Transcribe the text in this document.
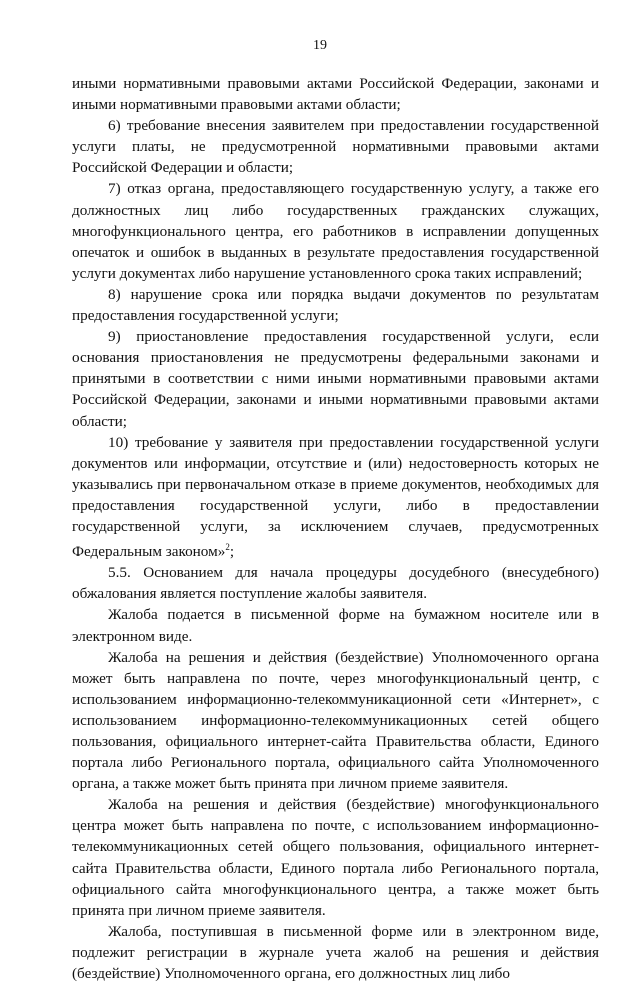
19

иными нормативными правовыми актами Российской Федерации, законами и иными нормативными правовыми актами области;

6) требование внесения заявителем при предоставлении государственной услуги платы, не предусмотренной нормативными правовыми актами Российской Федерации и области;

7) отказ органа, предоставляющего государственную услугу, а также его должностных лиц либо государственных гражданских служащих, многофункционального центра, его работников в исправлении допущенных опечаток и ошибок в выданных в результате предоставления государственной услуги документах либо нарушение установленного срока таких исправлений;

8) нарушение срока или порядка выдачи документов по результатам предоставления государственной услуги;

9) приостановление предоставления государственной услуги, если основания приостановления не предусмотрены федеральными законами и принятыми в соответствии с ними иными нормативными правовыми актами Российской Федерации, законами и иными нормативными правовыми актами области;

10) требование у заявителя при предоставлении государственной услуги документов или информации, отсутствие и (или) недостоверность которых не указывались при первоначальном отказе в приеме документов, необходимых для предоставления государственной услуги, либо в предоставлении государственной услуги, за исключением случаев, предусмотренных Федеральным законом»$^2$;

5.5. Основанием для начала процедуры досудебного (внесудебного) обжалования является поступление жалобы заявителя.

Жалоба подается в письменной форме на бумажном носителе или в электронном виде.

Жалоба на решения и действия (бездействие) Уполномоченного органа может быть направлена по почте, через многофункциональный центр, с использованием информационно-телекоммуникационной сети «Интернет», с использованием информационно-телекоммуникационных сетей общего пользования, официального интернет-сайта Правительства области, Единого портала либо Регионального портала, официального сайта Уполномоченного органа, а также может быть принята при личном приеме заявителя.

Жалоба на решения и действия (бездействие) многофункционального центра может быть направлена по почте, с использованием информационно-телекоммуникационных сетей общего пользования, официального интернет-сайта Правительства области, Единого портала либо Регионального портала, официального сайта многофункционального центра, а также может быть принята при личном приеме заявителя.

Жалоба, поступившая в письменной форме или в электронном виде, подлежит регистрации в журнале учета жалоб на решения и действия (бездействие) Уполномоченного органа, его должностных лиц либо
